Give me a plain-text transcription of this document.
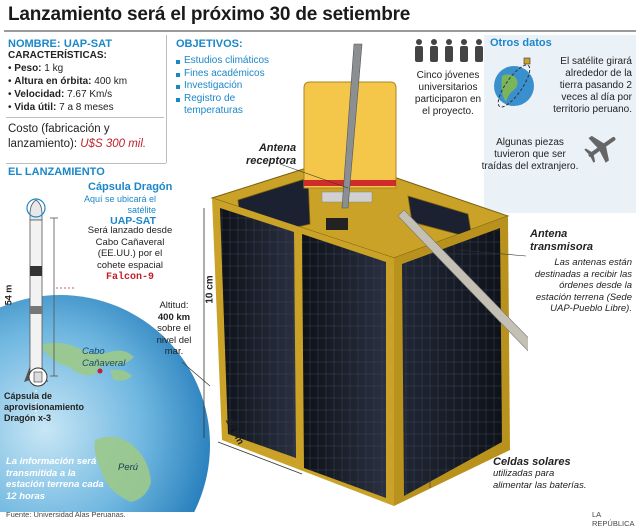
Lanzamiento será el próximo 30 de setiembre
NOMBRE: UAP-SAT
CARACTERÍSTICAS:
• Peso: 1 kg
• Altura en órbita: 400 km
• Velocidad: 7.67 Km/s
• Vida útil: 7 a 8 meses
Costo (fabricación y lanzamiento): U$S 300 mil.
OBJETIVOS:
Estudios climáticos
Fines académicos
Investigación
Registro de temperaturas
Cinco jóvenes universitarios participaron en el proyecto.
Otros datos
El satélite girará alrededor de la tierra pasando 2 veces al día por territorio peruano.
Algunas piezas tuvieron que ser traídas del extranjero.
EL LANZAMIENTO
Cápsula Dragón
Aquí se ubicará el satélite
UAP-SAT
Será lanzado desde Cabo Cañaveral (EE.UU.) por el cohete espacial Falcon-9
Cabo Cañaveral
Cápsula de aprovisionamiento Dragón x-3
Perú
La información será transmitida a la estación terrena cada 12 horas
54 m
Altitud:
400 km
sobre el nivel del mar.
Antena
receptora
10 cm
10 cm
Antena
transmisora
Las antenas están destinadas a recibir las órdenes desde la estación terrena (Sede UAP-Pueblo Libre).
Celdas solares
utilizadas para alimentar las baterías.
Fuente: Universidad Alas Peruanas.	LA REPÚBLICA
